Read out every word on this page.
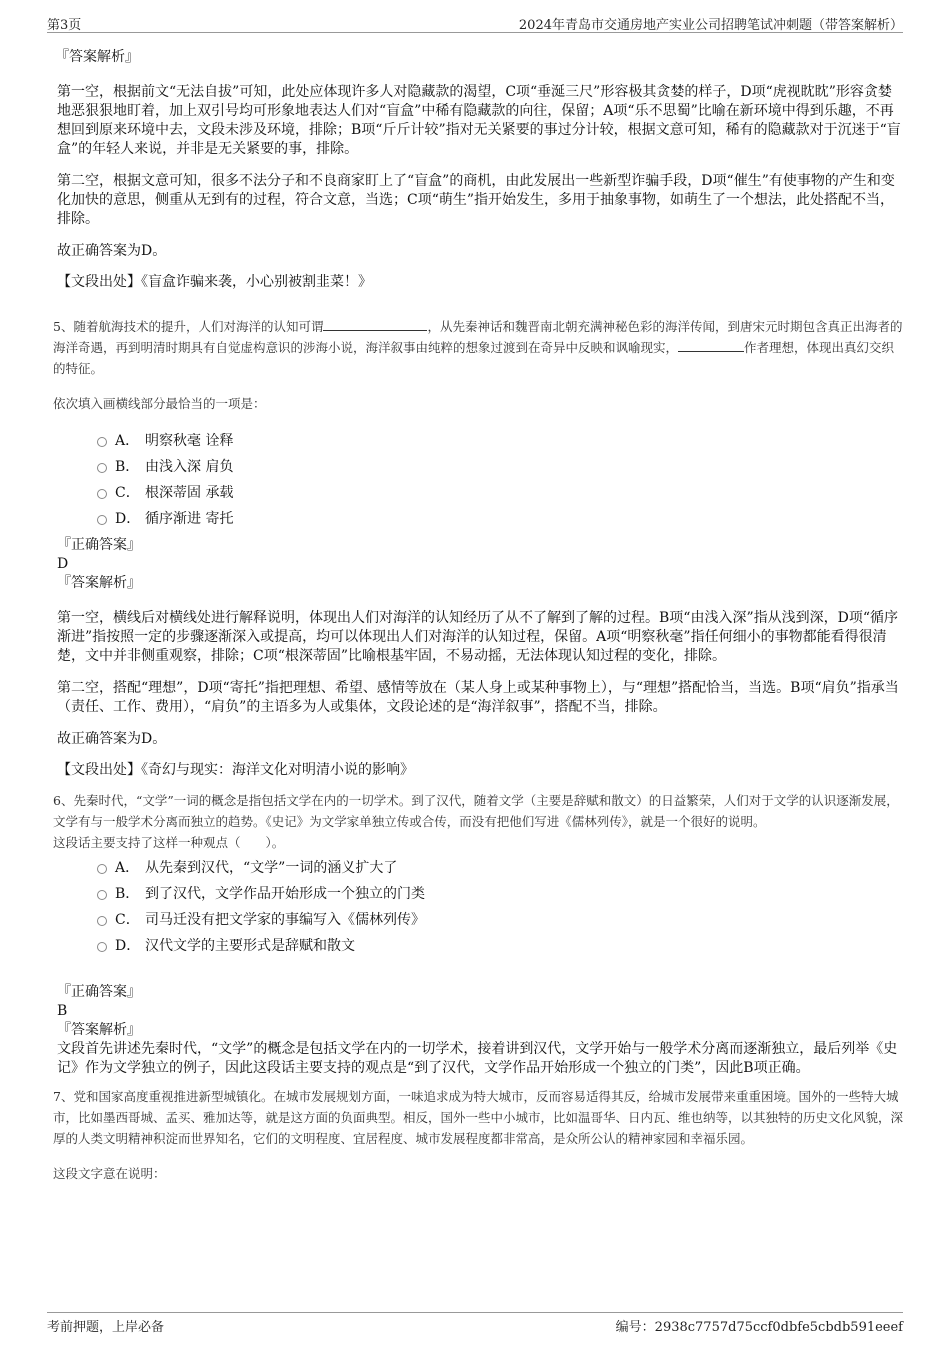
第3页	2024年青岛市交通房地产实业公司招聘笔试冲刺题（带答案解析）

『答案解析』

第一空，根据前文“无法自拔”可知，此处应体现许多人对隐藏款的渴望，C项“垂涎三尺”形容极其贪婪的样子，D项“虎视眈眈”形容贪婪地恶狠狠地盯着，加上双引号均可形象地表达人们对“盲盒”中稀有隐藏款的向往，保留；A项“乐不思蜀”比喻在新环境中得到乐趣，不再想回到原来环境中去，文段未涉及环境，排除；B项“斤斤计较”指对无关紧要的事过分计较，根据文意可知，稀有的隐藏款对于沉迷于“盲盒”的年轻人来说，并非是无关紧要的事，排除。

第二空，根据文意可知，很多不法分子和不良商家盯上了“盲盒”的商机，由此发展出一些新型诈骗手段，D项“催生”有使事物的产生和变化加快的意思，侧重从无到有的过程，符合文意，当选；C项“萌生”指开始发生，多用于抽象事物，如萌生了一个想法，此处搭配不当，排除。

故正确答案为D。

【文段出处】《盲盒诈骗来袭，小心别被割韭菜！》

5、随着航海技术的提升，人们对海洋的认知可谓	，从先秦神话和魏晋南北朝充满神秘色彩的海洋传闻，到唐宋元时期包含真正出海者的海洋奇遇，再到明清时期具有自觉虚构意识的涉海小说，海洋叙事由纯粹的想象过渡到在奇异中反映和讽喻现实，	作者理想，体现出真幻交织的特征。

依次填入画横线部分最恰当的一项是：

A． 明察秋毫 诠释
B． 由浅入深 肩负
C． 根深蒂固 承载
D． 循序渐进 寄托

『正确答案』

D

『答案解析』

第一空，横线后对横线处进行解释说明，体现出人们对海洋的认知经历了从不了解到了解的过程。B项“由浅入深”指从浅到深，D项“循序渐进”指按照一定的步骤逐渐深入或提高，均可以体现出人们对海洋的认知过程，保留。A项“明察秋毫”指任何细小的事物都能看得很清楚，文中并非侧重观察，排除；C项“根深蒂固”比喻根基牢固，不易动摇，无法体现认知过程的变化，排除。

第二空，搭配“理想”，D项“寄托”指把理想、希望、感情等放在（某人身上或某种事物上），与“理想”搭配恰当，当选。B项“肩负”指承当（责任、工作、费用），“肩负”的主语多为人或集体，文段论述的是“海洋叙事”，搭配不当，排除。

故正确答案为D。

【文段出处】《奇幻与现实：海洋文化对明清小说的影响》

6、先秦时代，“文学”一词的概念是指包括文学在内的一切学术。到了汉代，随着文学（主要是辞赋和散文）的日益繁荣，人们对于文学的认识逐渐发展，文学有与一般学术分离而独立的趋势。《史记》为文学家单独立传或合传，而没有把他们写进《儒林列传》，就是一个很好的说明。

这段话主要支持了这样一种观点（　　）。

A． 从先秦到汉代，“文学”一词的涵义扩大了
B． 到了汉代，文学作品开始形成一个独立的门类
C． 司马迁没有把文学家的事编写入《儒林列传》
D． 汉代文学的主要形式是辞赋和散文

『正确答案』

B

『答案解析』

文段首先讲述先秦时代，“文学”的概念是包括文学在内的一切学术，接着讲到汉代，文学开始与一般学术分离而逐渐独立，最后列举《史记》作为文学独立的例子，因此这段话主要支持的观点是“到了汉代，文学作品开始形成一个独立的门类”，因此B项正确。

7、党和国家高度重视推进新型城镇化。在城市发展规划方面，一味追求成为特大城市，反而容易适得其反，给城市发展带来重重困境。国外的一些特大城市，比如墨西哥城、孟买、雅加达等，就是这方面的负面典型。相反，国外一些中小城市，比如温哥华、日内瓦、维也纳等，以其独特的历史文化风貌，深厚的人类文明精神积淀而世界知名，它们的文明程度、宜居程度、城市发展程度都非常高，是众所公认的精神家园和幸福乐园。

这段文字意在说明：

考前押题，上岸必备	编号：2938c7757d75ccf0dbfe5cbdb591eeef
